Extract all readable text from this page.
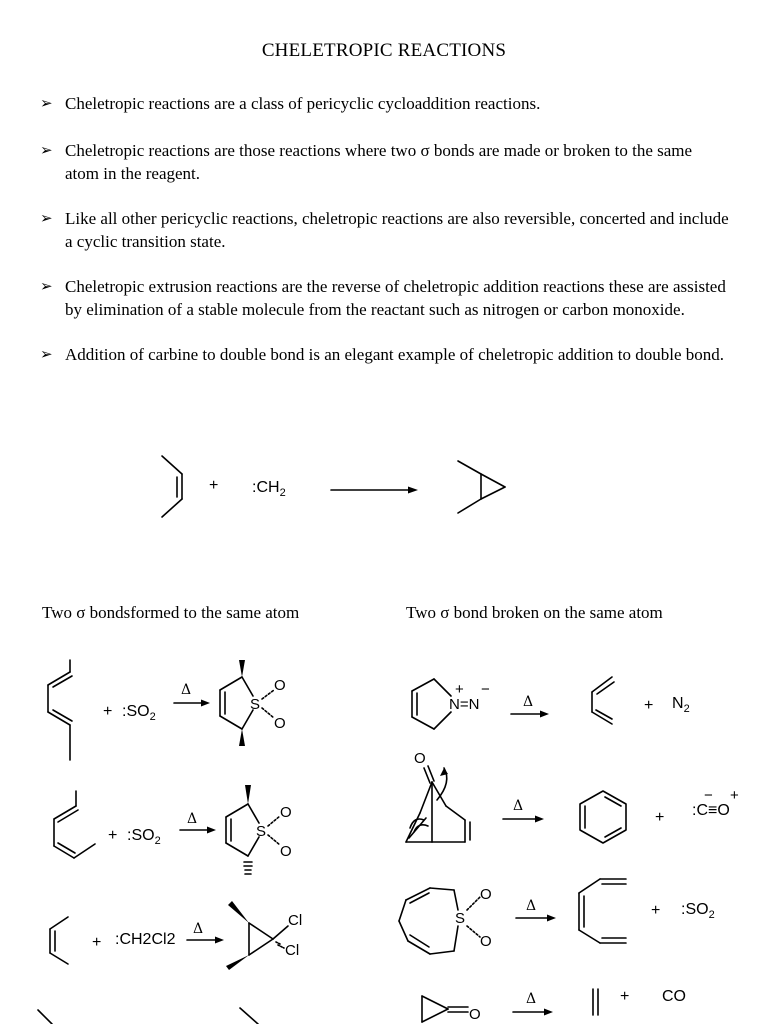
CHELETROPIC REACTIONS
➢ Cheletropic reactions are a class of pericyclic cycloaddition reactions.
➢ Cheletropic reactions are those reactions where two σ bonds are made or broken to the same atom in the reagent.
➢ Like all other pericyclic reactions, cheletropic reactions are also reversible, concerted and include a cyclic transition state.
➢ Cheletropic extrusion reactions are the reverse of cheletropic addition reactions these are assisted by elimination of a stable molecule from the reactant such as nitrogen or carbon monoxide.
➢ Addition of carbine to double bond is an elegant example of cheletropic addition to double bond.
+ $:CH_2$
+ $:SO_2$
Δ
S
O
O
+ $:SO_2$
Δ
S
O
O
+ :CH2Cl2
Δ	Cl
Cl
N=N
+ −
Δ	+ $N_2$
O
Δ
+ :C≡O
− +
S
O
O
Δ	+ $:SO_2$
O
Δ	+ CO
Two σ bondsformed to the same atom	Two σ bond broken on the same atom
